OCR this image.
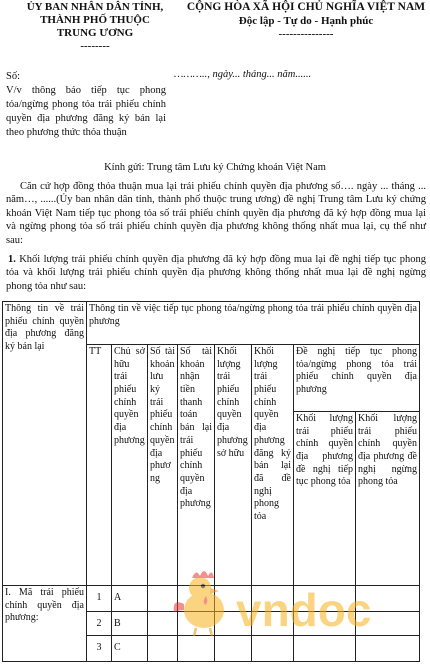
ỦY BAN NHÂN DÂN TỈNH,
THÀNH PHỐ THUỘC
TRUNG ƯƠNG
--------
CỘNG HÒA XÃ HỘI CHỦ NGHĨA VIỆT NAM
Độc lập - Tự do - Hạnh phúc
---------------
Số:
V/v thông báo tiếp tục phong tỏa/ngừng phong tỏa trái phiếu chính quyền địa phương đăng ký bán lại theo phương thức thỏa thuận
……….., ngày... tháng... năm......
Kính gửi: Trung tâm Lưu ký Chứng khoán Việt Nam
Căn cứ hợp đồng thỏa thuận mua lại trái phiếu chính quyền địa phương số…. ngày ... tháng ... năm…, ......(Ủy ban nhân dân tỉnh, thành phố thuộc trung ương) đề nghị Trung tâm Lưu ký chứng khoán Việt Nam tiếp tục phong tỏa số trái phiếu chính quyền địa phương đã ký hợp đồng mua lại và ngừng phong tỏa số trái phiếu chính quyền địa phương không thống nhất mua lại, cụ thể như sau:
1. Khối lượng trái phiếu chính quyền địa phương đã ký hợp đồng mua lại đề nghị tiếp tục phong tỏa và khối lượng trái phiếu chính quyền địa phương không thống nhất mua lại đề nghị ngừng phong tỏa như sau:
Thông tin về trái phiếu chính quyền địa phương đăng ký bán lại	Thông tin về việc tiếp tục phong tỏa/ngừng phong tỏa trái phiếu chính quyền địa phương							
	TT	Chủ sở hữu trái phiếu chính quyền địa phương	Số tài khoản lưu ký trái phiếu chính quyền địa phương	Số tài khoản nhận tiền thanh toán bán lại trái phiếu chính quyền địa phương	Khối lượng trái phiếu chính quyền địa phương sở hữu	Khối lượng trái phiếu chính quyền địa phương đăng ký bán lại đã đề nghị phong tỏa	Đề nghị tiếp tục phong tỏa/ngừng phong tỏa trái phiếu chính quyền địa phương	
							Khối lượng trái phiếu chính quyền địa phương đề nghị tiếp tục phong tỏa	Khối lượng trái phiếu chính quyền địa phương đề nghị ngừng phong tỏa
I. Mã trái phiếu chính quyền địa phương:	1	A						
	2	B						
	3	C						
vndoc
